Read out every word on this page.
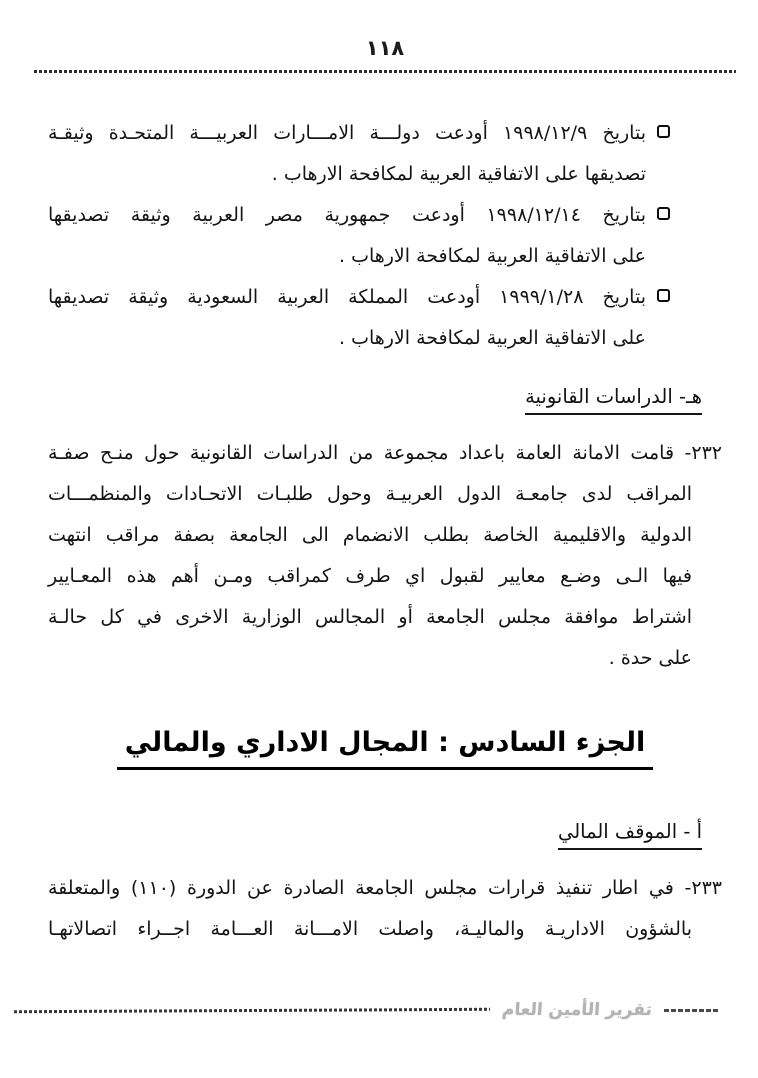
١١٨
بتاريخ ١٩٩٨/١٢/٩ أودعت دولـــة الامـــارات العربيـــة المتحـدة وثيقـة
تصديقها على الاتفاقية العربية لمكافحة الارهاب .
بتاريخ ١٩٩٨/١٢/١٤ أودعت جمهورية مصر العربية وثيقة تصديقها
على الاتفاقية العربية لمكافحة الارهاب .
بتاريخ ١٩٩٩/١/٢٨ أودعت المملكة العربية السعودية وثيقة تصديقها
على الاتفاقية العربية لمكافحة الارهاب .
هـ- الدراسات القانونية
٢٣٢- قامت الامانة العامة باعداد مجموعة من الدراسات القانونية حول منـح صفـة
المراقب لدى جامعـة الدول العربيـة وحول طلبـات الاتحـادات والمنظمـــات
الدولية والاقليمية الخاصة بطلب الانضمام الى الجامعة بصفة مراقب انتهت
فيها الـى وضـع معايير لقبول اي طرف كمراقب ومـن أهم هذه المعـايير
اشتراط موافقة مجلس الجامعة أو المجالس الوزارية الاخرى في كل حالـة
على حدة .
الجزء السادس : المجال الاداري والمالي
أ - الموقف المالي
٢٣٣- في اطار تنفيذ قرارات مجلس الجامعة الصادرة عن الدورة (١١٠) والمتعلقة
بالشؤون الاداريـة والماليـة، واصلت الامـــانة العـــامة اجــراء اتصالاتهـا
تقرير الأمين العام
